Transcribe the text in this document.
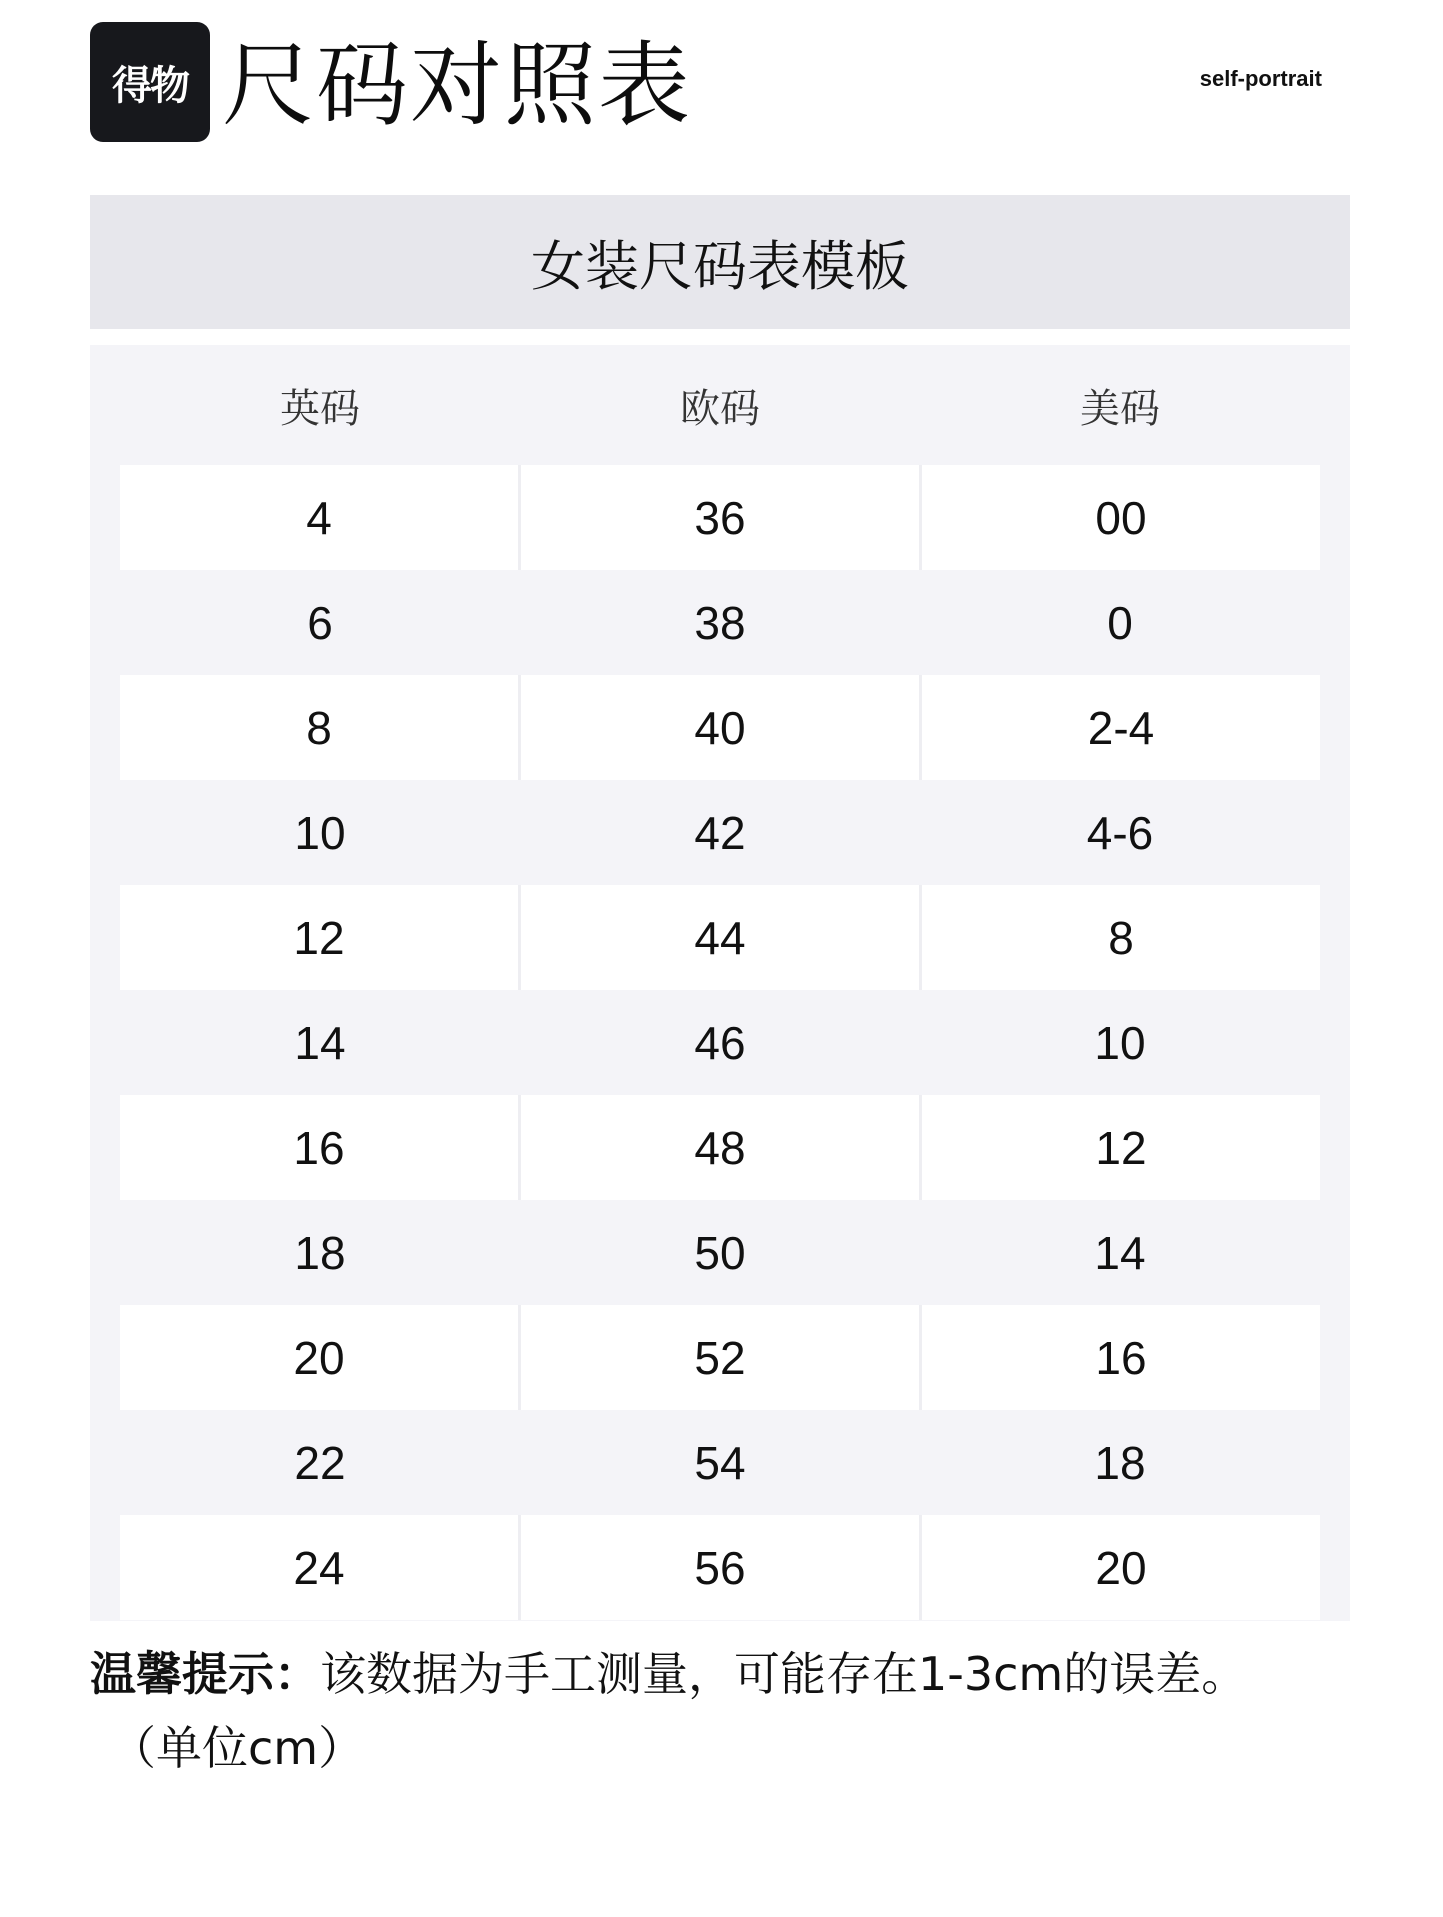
得物 尺码对照表	self-portrait
女装尺码表模板
英码	欧码	美码
4	36	00
6	38	0
8	40	2-4
10	42	4-6
12	44	8
14	46	10
16	48	12
18	50	14
20	52	16
22	54	18
24	56	20
温馨提示：该数据为手工测量，可能存在1-3cm的误差。
（单位cm）
